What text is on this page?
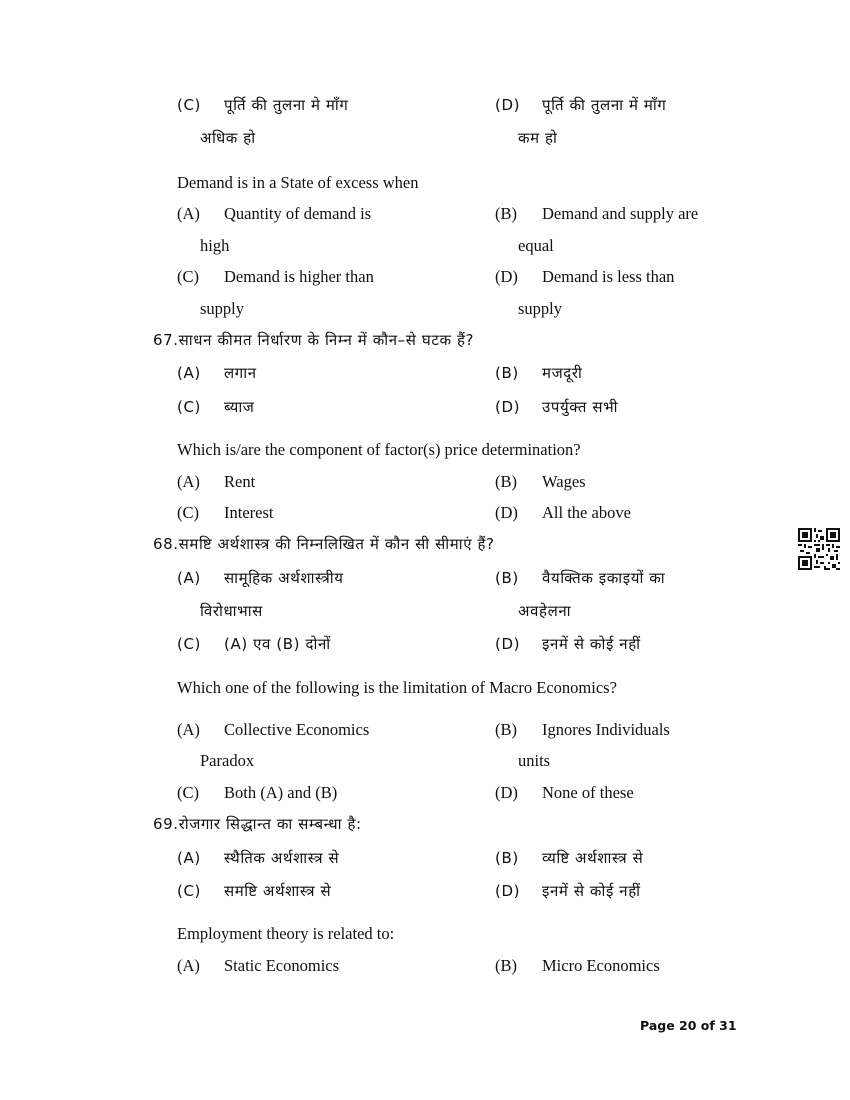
(C) पूर्ति की तुलना मे माँग
अधिक हो
(D) पूर्ति की तुलना में माँग
कम हो
Demand is in a State of excess when
(A) Quantity of demand is
high
(B) Demand and supply are
equal
(C) Demand is higher than
supply
(D) Demand is less than
supply
67.साधन कीमत निर्धारण के निम्न में कौन–से घटक हैं?
(A) लगान	(B) मजदूरी
(C) ब्याज	(D) उपर्युक्त सभी
Which is/are the component of factor(s) price determination?
(A) Rent	(B) Wages
(C) Interest	(D) All the above
68.समष्टि अर्थशास्त्र की निम्नलिखित में कौन सी सीमाएं हैं?
(A) सामूहिक अर्थशास्त्रीय
विरोधाभास
(B) वैयक्तिक इकाइयों का
अवहेलना
(C) (A) एव (B) दोनों	(D) इनमें से कोई नहीं
Which one of the following is the limitation of Macro Economics?
(A) Collective Economics
Paradox
(B) Ignores Individuals
units
(C) Both (A) and (B)	(D) None of these
69.रोजगार सिद्धान्त का सम्बन्धा है:
(A) स्थैतिक अर्थशास्त्र से	(B) व्यष्टि अर्थशास्त्र से
(C) समष्टि अर्थशास्त्र से	(D) इनमें से कोई नहीं
Employment theory is related to:
(A) Static Economics	(B) Micro Economics
Page 20 of 31
